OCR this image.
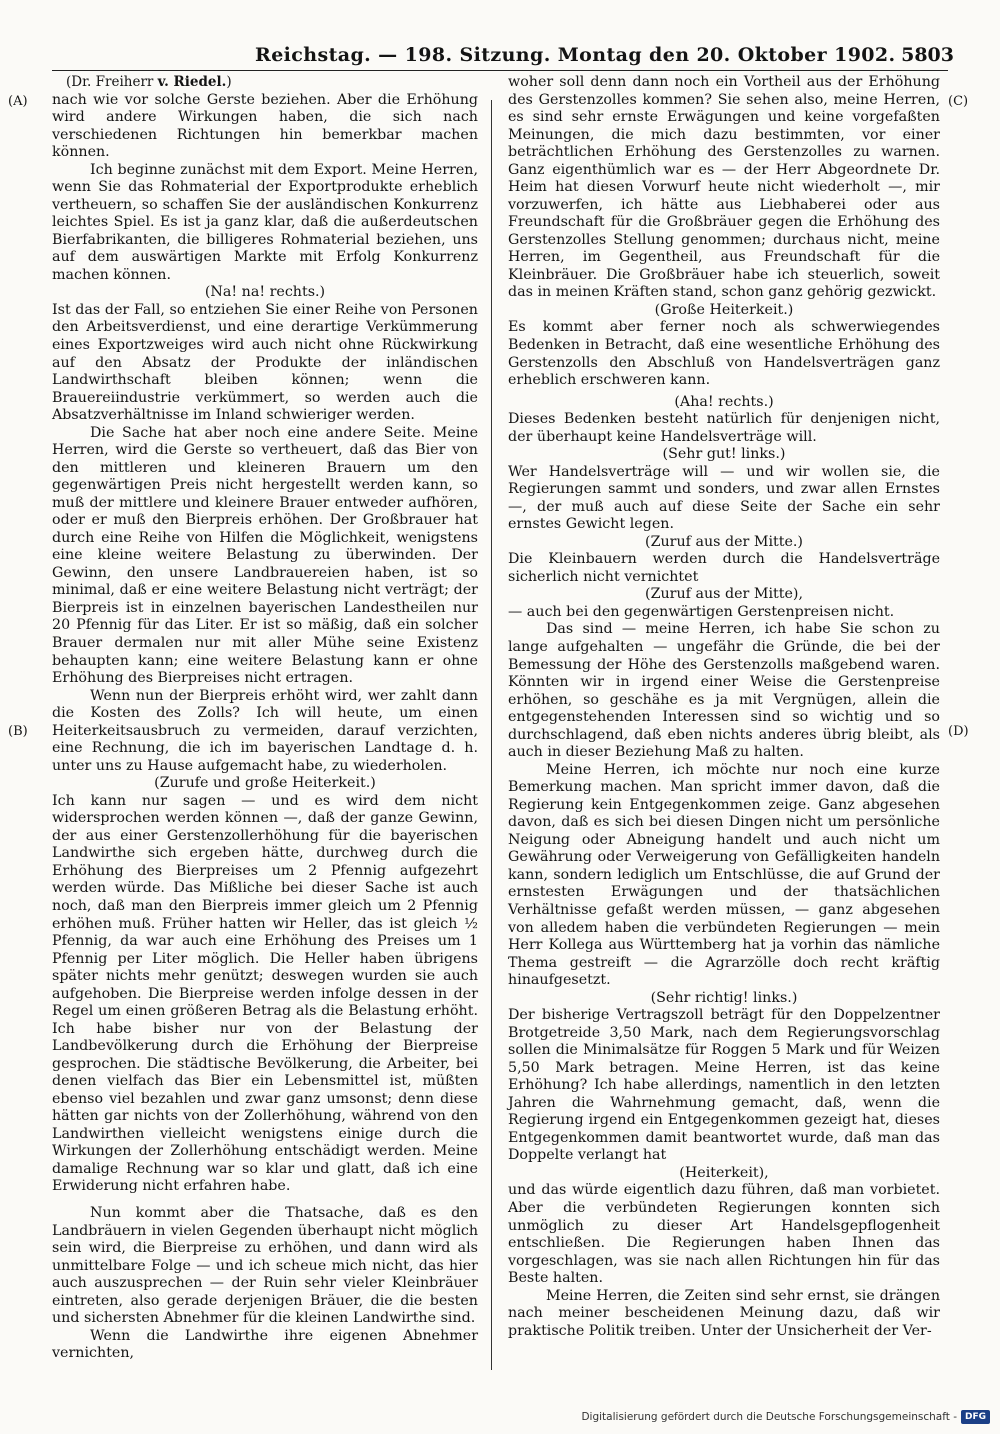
Reichstag. — 198. Sitzung. Montag den 20. Oktober 1902. 5803
(A)
(B)
(C)
(D)

(Dr. Freiherr v. Riedel.)

nach wie vor solche Gerste beziehen. Aber die Erhöhung wird andere Wirkungen haben, die sich nach verschiedenen Richtungen hin bemerkbar machen können.

Ich beginne zunächst mit dem Export. Meine Herren, wenn Sie das Rohmaterial der Exportprodukte erheblich vertheuern, so schaffen Sie der ausländischen Konkurrenz leichtes Spiel. Es ist ja ganz klar, daß die außerdeutschen Bierfabrikanten, die billigeres Rohmaterial beziehen, uns auf dem auswärtigen Markte mit Erfolg Konkurrenz machen können.

(Na! na! rechts.)

Ist das der Fall, so entziehen Sie einer Reihe von Personen den Arbeitsverdienst, und eine derartige Verkümmerung eines Exportzweiges wird auch nicht ohne Rückwirkung auf den Absatz der Produkte der inländischen Landwirthschaft bleiben können; wenn die Brauereiindustrie verkümmert, so werden auch die Absatzverhältnisse im Inland schwieriger werden.

Die Sache hat aber noch eine andere Seite. Meine Herren, wird die Gerste so vertheuert, daß das Bier von den mittleren und kleineren Brauern um den gegenwärtigen Preis nicht hergestellt werden kann, so muß der mittlere und kleinere Brauer entweder aufhören, oder er muß den Bierpreis erhöhen. Der Großbrauer hat durch eine Reihe von Hilfen die Möglichkeit, wenigstens eine kleine weitere Belastung zu überwinden. Der Gewinn, den unsere Landbrauereien haben, ist so minimal, daß er eine weitere Belastung nicht verträgt; der Bierpreis ist in einzelnen bayerischen Landestheilen nur 20 Pfennig für das Liter. Er ist so mäßig, daß ein solcher Brauer dermalen nur mit aller Mühe seine Existenz behaupten kann; eine weitere Belastung kann er ohne Erhöhung des Bierpreises nicht ertragen.

Wenn nun der Bierpreis erhöht wird, wer zahlt dann die Kosten des Zolls? Ich will heute, um einen Heiterkeitsausbruch zu vermeiden, darauf verzichten, eine Rechnung, die ich im bayerischen Landtage d. h. unter uns zu Hause aufgemacht habe, zu wiederholen.

(Zurufe und große Heiterkeit.)

Ich kann nur sagen — und es wird dem nicht widersprochen werden können —, daß der ganze Gewinn, der aus einer Gerstenzollerhöhung für die bayerischen Landwirthe sich ergeben hätte, durchweg durch die Erhöhung des Bierpreises um 2 Pfennig aufgezehrt werden würde. Das Mißliche bei dieser Sache ist auch noch, daß man den Bierpreis immer gleich um 2 Pfennig erhöhen muß. Früher hatten wir Heller, das ist gleich ½ Pfennig, da war auch eine Erhöhung des Preises um 1 Pfennig per Liter möglich. Die Heller haben übrigens später nichts mehr genützt; deswegen wurden sie auch aufgehoben. Die Bierpreise werden infolge dessen in der Regel um einen größeren Betrag als die Belastung erhöht. Ich habe bisher nur von der Belastung der Landbevölkerung durch die Erhöhung der Bierpreise gesprochen. Die städtische Bevölkerung, die Arbeiter, bei denen vielfach das Bier ein Lebensmittel ist, müßten ebenso viel bezahlen und zwar ganz umsonst; denn diese hätten gar nichts von der Zollerhöhung, während von den Landwirthen vielleicht wenigstens einige durch die Wirkungen der Zollerhöhung entschädigt werden. Meine damalige Rechnung war so klar und glatt, daß ich eine Erwiderung nicht erfahren habe.

Nun kommt aber die Thatsache, daß es den Landbräuern in vielen Gegenden überhaupt nicht möglich sein wird, die Bierpreise zu erhöhen, und dann wird als unmittelbare Folge — und ich scheue mich nicht, das hier auch auszusprechen — der Ruin sehr vieler Kleinbräuer eintreten, also gerade derjenigen Bräuer, die die besten und sichersten Abnehmer für die kleinen Landwirthe sind.

Wenn die Landwirthe ihre eigenen Abnehmer vernichten,

woher soll denn dann noch ein Vortheil aus der Erhöhung des Gerstenzolles kommen? Sie sehen also, meine Herren, es sind sehr ernste Erwägungen und keine vorgefaßten Meinungen, die mich dazu bestimmten, vor einer beträchtlichen Erhöhung des Gerstenzolles zu warnen. Ganz eigenthümlich war es — der Herr Abgeordnete Dr. Heim hat diesen Vorwurf heute nicht wiederholt —, mir vorzuwerfen, ich hätte aus Liebhaberei oder aus Freundschaft für die Großbräuer gegen die Erhöhung des Gerstenzolles Stellung genommen; durchaus nicht, meine Herren, im Gegentheil, aus Freundschaft für die Kleinbräuer. Die Großbräuer habe ich steuerlich, soweit das in meinen Kräften stand, schon ganz gehörig gezwickt.

(Große Heiterkeit.)

Es kommt aber ferner noch als schwerwiegendes Bedenken in Betracht, daß eine wesentliche Erhöhung des Gerstenzolls den Abschluß von Handelsverträgen ganz erheblich erschweren kann.

(Aha! rechts.)

Dieses Bedenken besteht natürlich für denjenigen nicht, der überhaupt keine Handelsverträge will.

(Sehr gut! links.)

Wer Handelsverträge will — und wir wollen sie, die Regierungen sammt und sonders, und zwar allen Ernstes —, der muß auch auf diese Seite der Sache ein sehr ernstes Gewicht legen.

(Zuruf aus der Mitte.)

Die Kleinbauern werden durch die Handelsverträge sicherlich nicht vernichtet

(Zuruf aus der Mitte),

— auch bei den gegenwärtigen Gerstenpreisen nicht.

Das sind — meine Herren, ich habe Sie schon zu lange aufgehalten — ungefähr die Gründe, die bei der Bemessung der Höhe des Gerstenzolls maßgebend waren. Könnten wir in irgend einer Weise die Gerstenpreise erhöhen, so geschähe es ja mit Vergnügen, allein die entgegenstehenden Interessen sind so wichtig und so durchschlagend, daß eben nichts anderes übrig bleibt, als auch in dieser Beziehung Maß zu halten.

Meine Herren, ich möchte nur noch eine kurze Bemerkung machen. Man spricht immer davon, daß die Regierung kein Entgegenkommen zeige. Ganz abgesehen davon, daß es sich bei diesen Dingen nicht um persönliche Neigung oder Abneigung handelt und auch nicht um Gewährung oder Verweigerung von Gefälligkeiten handeln kann, sondern lediglich um Entschlüsse, die auf Grund der ernstesten Erwägungen und der thatsächlichen Verhältnisse gefaßt werden müssen, — ganz abgesehen von alledem haben die verbündeten Regierungen — mein Herr Kollega aus Württemberg hat ja vorhin das nämliche Thema gestreift — die Agrarzölle doch recht kräftig hinaufgesetzt.

(Sehr richtig! links.)

Der bisherige Vertragszoll beträgt für den Doppelzentner Brotgetreide 3,50 Mark, nach dem Regierungsvorschlag sollen die Minimalsätze für Roggen 5 Mark und für Weizen 5,50 Mark betragen. Meine Herren, ist das keine Erhöhung? Ich habe allerdings, namentlich in den letzten Jahren die Wahrnehmung gemacht, daß, wenn die Regierung irgend ein Entgegenkommen gezeigt hat, dieses Entgegenkommen damit beantwortet wurde, daß man das Doppelte verlangt hat

(Heiterkeit),

und das würde eigentlich dazu führen, daß man vorbietet. Aber die verbündeten Regierungen konnten sich unmöglich zu dieser Art Handelsgepflogenheit entschließen. Die Regierungen haben Ihnen das vorgeschlagen, was sie nach allen Richtungen hin für das Beste halten.

Meine Herren, die Zeiten sind sehr ernst, sie drängen nach meiner bescheidenen Meinung dazu, daß wir praktische Politik treiben. Unter der Unsicherheit der Ver-

Digitalisierung gefördert durch die Deutsche Forschungsgemeinschaft - DFG
